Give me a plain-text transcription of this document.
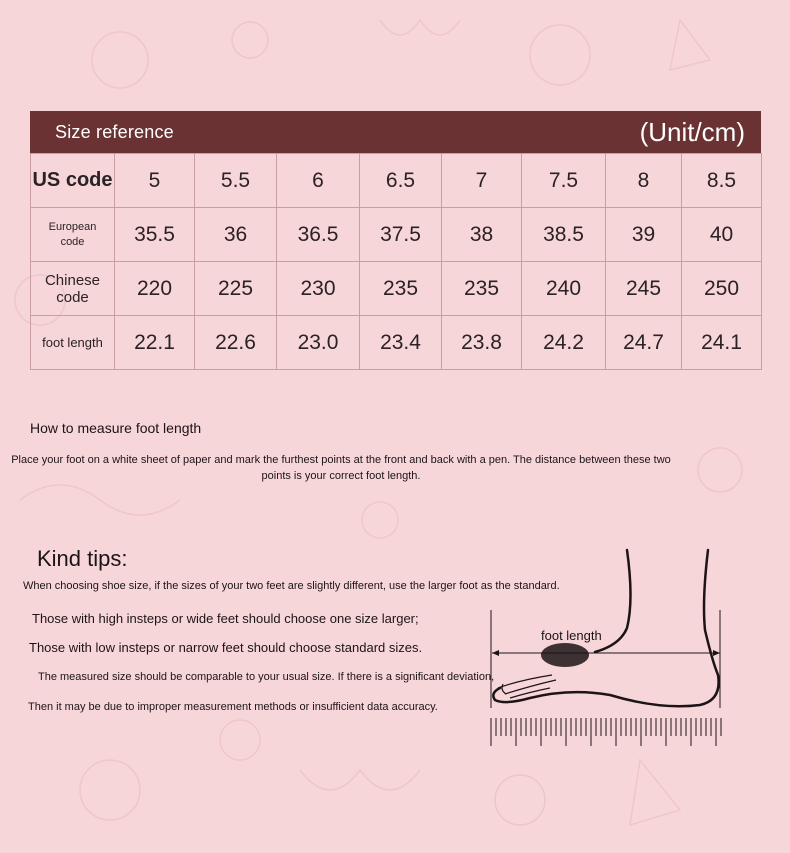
Size reference	(Unit/cm)
US code	5	5.5	6	6.5	7	7.5	8	8.5
European
code	35.5	36	36.5	37.5	38	38.5	39	40
Chinese code	220	225	230	235	235	240	245	250
foot length	22.1	22.6	23.0	23.4	23.8	24.2	24.7	24.1
How to measure foot length
Place your foot on a white sheet of paper and mark the furthest points at the front and back with a pen. The distance between these two points is your correct foot length.
Kind tips:
When choosing shoe size, if the sizes of your two feet are slightly different, use the larger foot as the standard.
Those with high insteps or wide feet should choose one size larger;
Those with low insteps or narrow feet should choose standard sizes.
The measured size should be comparable to your usual size. If there is a significant deviation,
Then it may be due to improper measurement methods or insufficient data accuracy.
foot length
